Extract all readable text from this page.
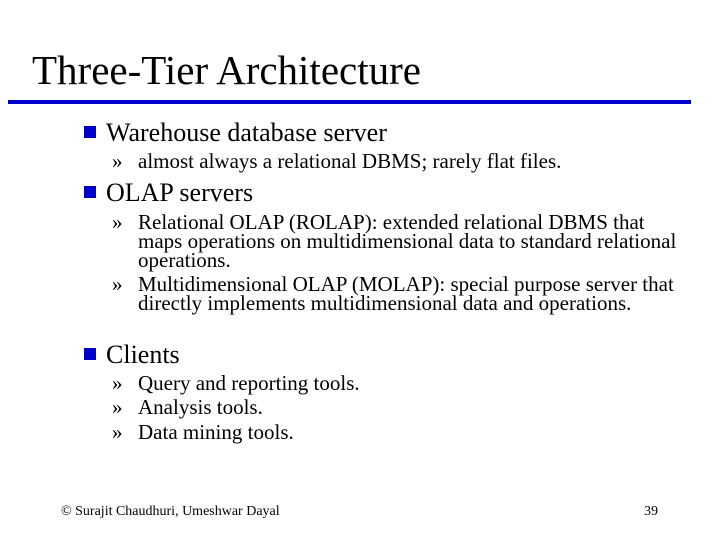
Three-Tier Architecture
Warehouse database server
» almost always a relational DBMS; rarely flat files.
OLAP servers
» Relational OLAP (ROLAP): extended relational DBMS that maps operations on multidimensional data to standard relational operations.
» Multidimensional OLAP (MOLAP): special purpose server that directly implements multidimensional data and operations.
Clients
» Query and reporting tools.
» Analysis tools.
» Data mining tools.
© Surajit Chaudhuri, Umeshwar Dayal	39
